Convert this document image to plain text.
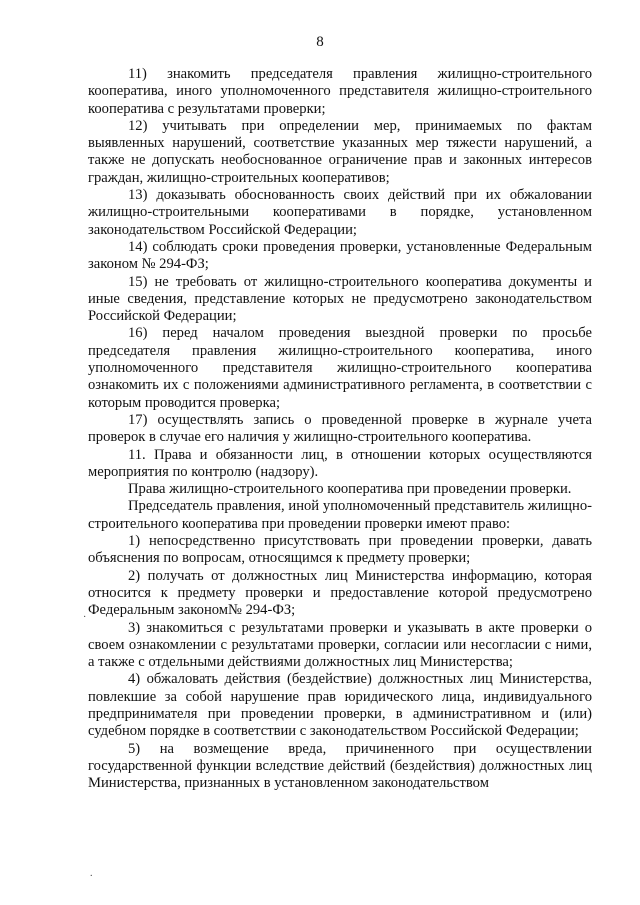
8

11) знакомить председателя правления жилищно-строительного кооператива, иного уполномоченного представителя жилищно-строительного кооператива с результатами проверки;

12) учитывать при определении мер, принимаемых по фактам выявленных нарушений, соответствие указанных мер тяжести нарушений, а также не допускать необоснованное ограничение прав и законных интересов граждан, жилищно-строительных кооперативов;

13) доказывать обоснованность своих действий при их обжаловании жилищно-строительными кооперативами в порядке, установленном законодательством Российской Федерации;

14) соблюдать сроки проведения проверки, установленные Федеральным законом № 294-ФЗ;

15) не требовать от жилищно-строительного кооператива документы и иные сведения, представление которых не предусмотрено законодательством Российской Федерации;

16) перед началом проведения выездной проверки по просьбе председателя правления жилищно-строительного кооператива, иного уполномоченного представителя жилищно-строительного кооператива ознакомить их с положениями административного регламента, в соответствии с которым проводится проверка;

17) осуществлять запись о проведенной проверке в журнале учета проверок в случае его наличия у жилищно-строительного кооператива.

11. Права и обязанности лиц, в отношении которых осуществляются мероприятия по контролю (надзору).

Права жилищно-строительного кооператива при проведении проверки.

Председатель правления, иной уполномоченный представитель жилищно-строительного кооператива при проведении проверки имеют право:

1) непосредственно присутствовать при проведении проверки, давать объяснения по вопросам, относящимся к предмету проверки;

2) получать от должностных лиц Министерства информацию, которая относится к предмету проверки и предоставление которой предусмотрено Федеральным законом№ 294-ФЗ;

3) знакомиться с результатами проверки и указывать в акте проверки о своем ознакомлении с результатами проверки, согласии или несогласии с ними, а также с отдельными действиями должностных лиц Министерства;

4) обжаловать действия (бездействие) должностных лиц Министерства, повлекшие за собой нарушение прав юридического лица, индивидуального предпринимателя при проведении проверки, в административном и (или) судебном порядке в соответствии с законодательством Российской Федерации;

5) на возмещение вреда, причиненного при осуществлении государственной функции вследствие действий (бездействия) должностных лиц Министерства, признанных в установленном законодательством

·
.
